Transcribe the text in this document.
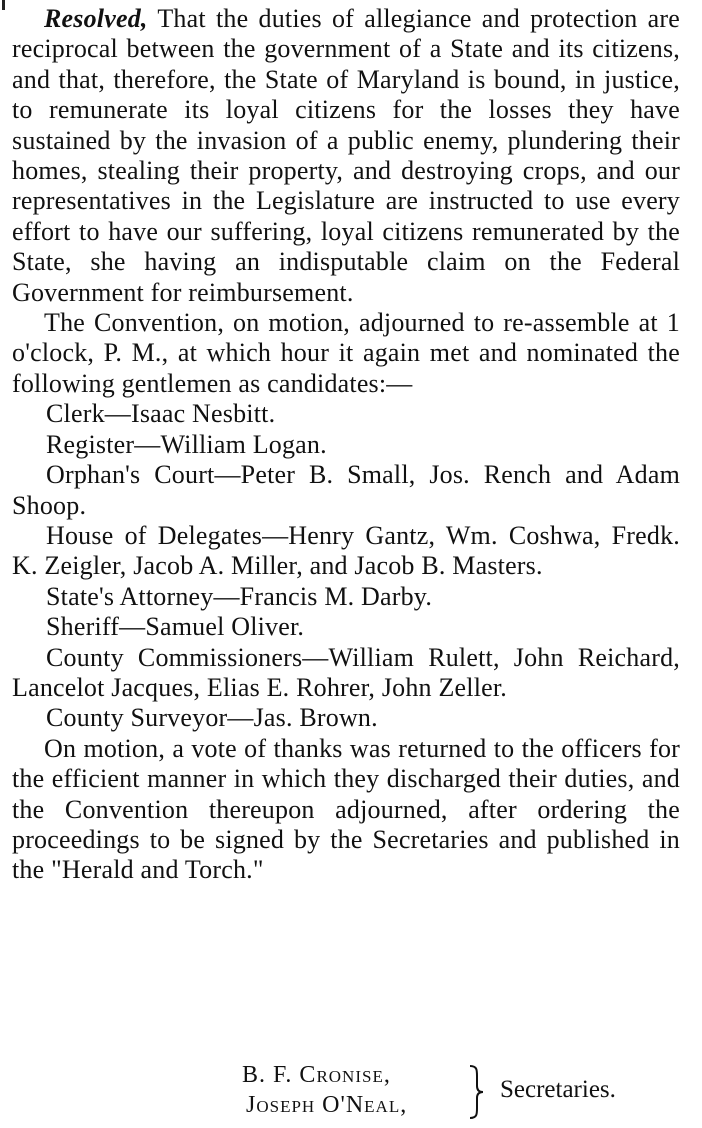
Resolved, That the duties of allegiance and protection are reciprocal between the government of a State and its citizens, and that, therefore, the State of Maryland is bound, in justice, to remunerate its loyal citizens for the losses they have sustained by the invasion of a public enemy, plundering their homes, stealing their property, and destroying crops, and our representatives in the Legislature are instructed to use every effort to have our suffering, loyal citizens remunerated by the State, she having an indisputable claim on the Federal Government for reimbursement.

The Convention, on motion, adjourned to re-assemble at 1 o'clock, P. M., at which hour it again met and nominated the following gentlemen as candidates:—

Clerk—Isaac Nesbitt.

Register—William Logan.

Orphan's Court—Peter B. Small, Jos. Rench and Adam Shoop.

House of Delegates—Henry Gantz, Wm. Coshwa, Fredk. K. Zeigler, Jacob A. Miller, and Jacob B. Masters.

State's Attorney—Francis M. Darby.

Sheriff—Samuel Oliver.

County Commissioners—William Rulett, John Reichard, Lancelot Jacques, Elias E. Rohrer, John Zeller.

County Surveyor—Jas. Brown.

On motion, a vote of thanks was returned to the officers for the efficient manner in which they discharged their duties, and the Convention thereupon adjourned, after ordering the proceedings to be signed by the Secretaries and published in the "Herald and Torch."

B. F. Cronise,
Joseph O'Neal,
Secretaries.
